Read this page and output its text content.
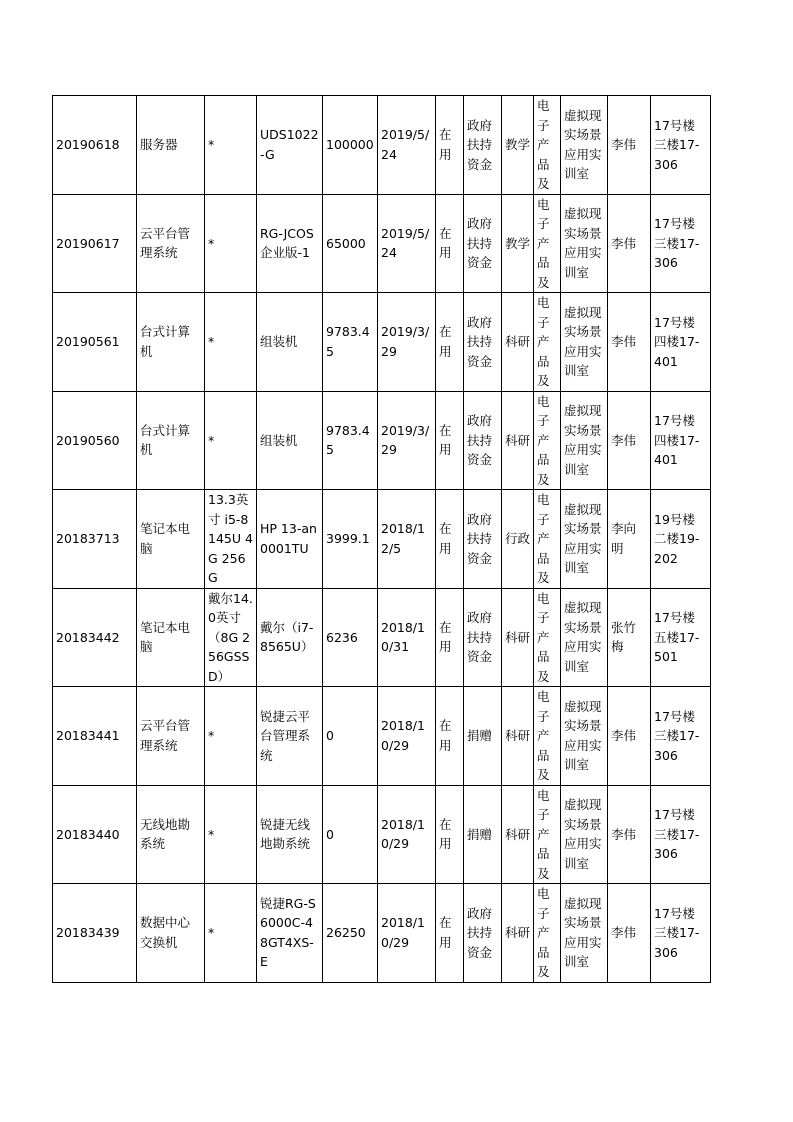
20190618	服务器	*	UDS1022-G	100000	2019/5/24	在用	政府扶持资金	教学	电子产品及	虚拟现实场景应用实训室	李伟	17号楼三楼17-306
20190617	云平台管理系统	*	RG-JCOS企业版-1	65000	2019/5/24	在用	政府扶持资金	教学	电子产品及	虚拟现实场景应用实训室	李伟	17号楼三楼17-306
20190561	台式计算机	*	组装机	9783.45	2019/3/29	在用	政府扶持资金	科研	电子产品及	虚拟现实场景应用实训室	李伟	17号楼四楼17-401
20190560	台式计算机	*	组装机	9783.45	2019/3/29	在用	政府扶持资金	科研	电子产品及	虚拟现实场景应用实训室	李伟	17号楼四楼17-401
20183713	笔记本电脑	13.3英寸 i5-8145U 4G 256G	HP 13-an0001TU	3999.1	2018/12/5	在用	政府扶持资金	行政	电子产品及	虚拟现实场景应用实训室	李向明	19号楼二楼19-202
20183442	笔记本电脑	戴尔14.0英寸（8G 256GSSD）	戴尔（i7-8565U）	6236	2018/10/31	在用	政府扶持资金	科研	电子产品及	虚拟现实场景应用实训室	张竹梅	17号楼五楼17-501
20183441	云平台管理系统	*	锐捷云平台管理系统	0	2018/10/29	在用	捐赠	科研	电子产品及	虚拟现实场景应用实训室	李伟	17号楼三楼17-306
20183440	无线地勘系统	*	锐捷无线地勘系统	0	2018/10/29	在用	捐赠	科研	电子产品及	虚拟现实场景应用实训室	李伟	17号楼三楼17-306
20183439	数据中心交换机	*	锐捷RG-S6000C-48GT4XS-E	26250	2018/10/29	在用	政府扶持资金	科研	电子产品及	虚拟现实场景应用实训室	李伟	17号楼三楼17-306
